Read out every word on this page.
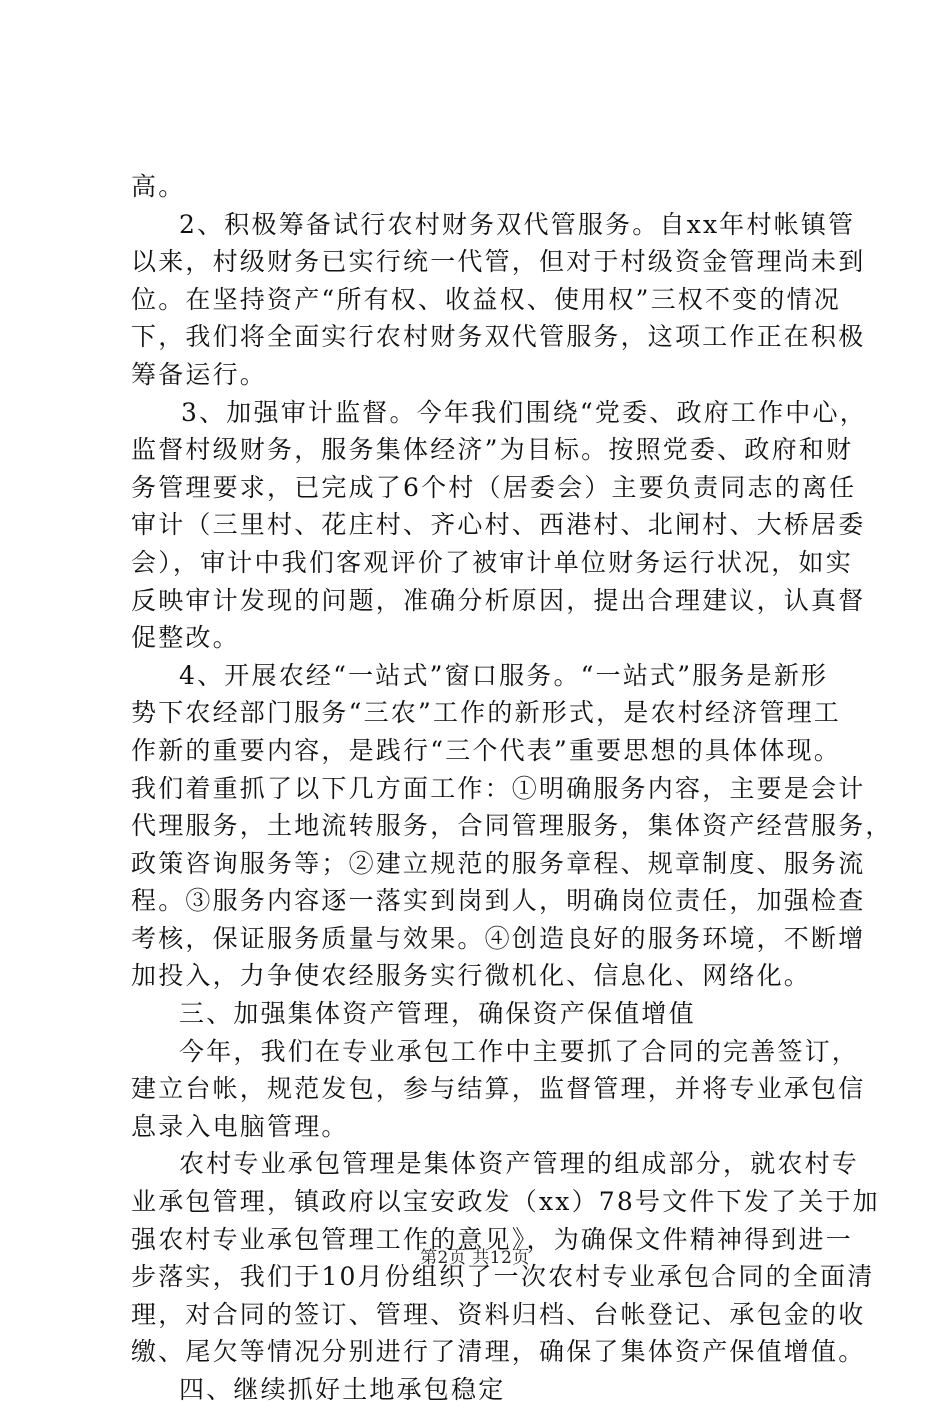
高。
2、积极筹备试行农村财务双代管服务。自xx年村帐镇管
以来，村级财务已实行统一代管，但对于村级资金管理尚未到
位。在坚持资产“所有权、收益权、使用权”三权不变的情况
下，我们将全面实行农村财务双代管服务，这项工作正在积极
筹备运行。
3、加强审计监督。今年我们围绕“党委、政府工作中心，
监督村级财务，服务集体经济”为目标。按照党委、政府和财
务管理要求，已完成了6个村（居委会）主要负责同志的离任
审计（三里村、花庄村、齐心村、西港村、北闸村、大桥居委
会），审计中我们客观评价了被审计单位财务运行状况，如实
反映审计发现的问题，准确分析原因，提出合理建议，认真督
促整改。
4、开展农经“一站式”窗口服务。“一站式”服务是新形
势下农经部门服务“三农”工作的新形式，是农村经济管理工
作新的重要内容，是践行“三个代表”重要思想的具体体现。
我们着重抓了以下几方面工作：①明确服务内容，主要是会计
代理服务，土地流转服务，合同管理服务，集体资产经营服务，
政策咨询服务等；②建立规范的服务章程、规章制度、服务流
程。③服务内容逐一落实到岗到人，明确岗位责任，加强检查
考核，保证服务质量与效果。④创造良好的服务环境，不断增
加投入，力争使农经服务实行微机化、信息化、网络化。
三、加强集体资产管理，确保资产保值增值
今年，我们在专业承包工作中主要抓了合同的完善签订，
建立台帐，规范发包，参与结算，监督管理，并将专业承包信
息录入电脑管理。
农村专业承包管理是集体资产管理的组成部分，就农村专
业承包管理，镇政府以宝安政发（xx）78号文件下发了关于加
强农村专业承包管理工作的意见》，为确保文件精神得到进一
步落实，我们于10月份组织了一次农村专业承包合同的全面清
理，对合同的签订、管理、资料归档、台帐登记、承包金的收
缴、尾欠等情况分别进行了清理，确保了集体资产保值增值。
四、继续抓好土地承包稳定
第2页 共12页
